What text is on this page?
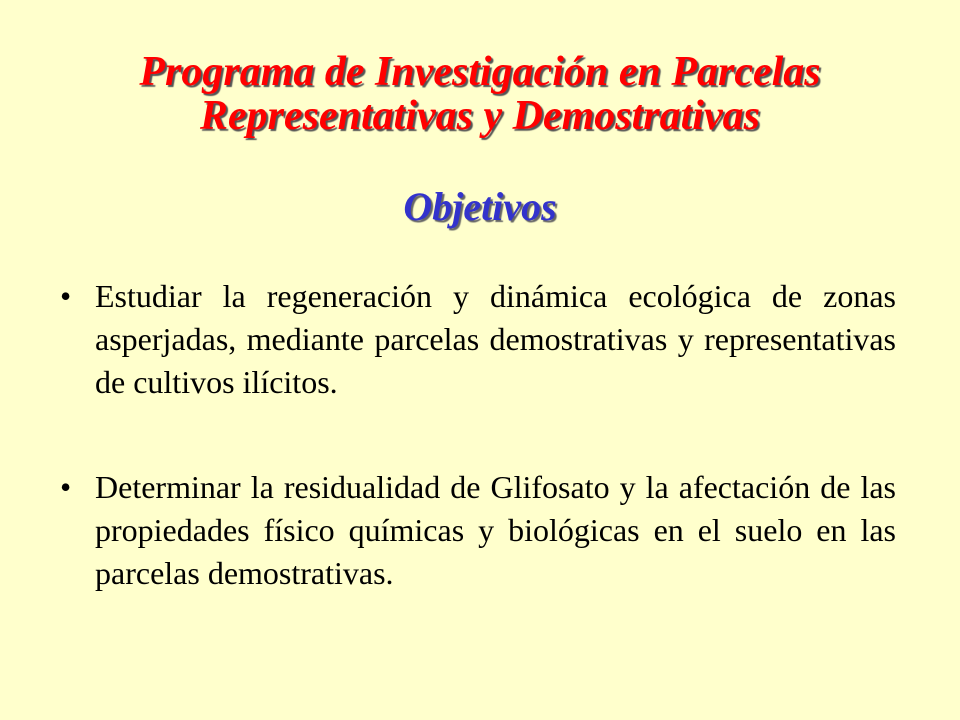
Programa de Investigación en Parcelas
Representativas y Demostrativas
Objetivos
• Estudiar la regeneración y dinámica ecológica de zonas asperjadas, mediante parcelas demostrativas y representativas de cultivos ilícitos.
• Determinar la residualidad de Glifosato y la afectación de las propiedades físico químicas y biológicas en el suelo en las parcelas demostrativas.
